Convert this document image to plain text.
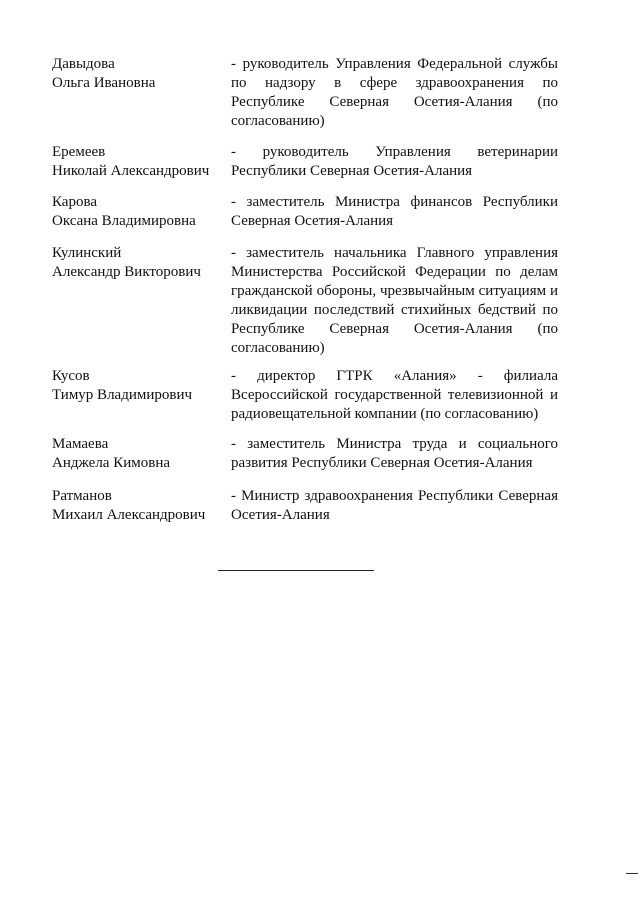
Давыдова
Ольга Ивановна
- руководитель Управления Федеральной службы по надзору в сфере здравоохранения по Республике Северная Осетия-Алания (по согласованию)
Еремеев
Николай Александрович
- руководитель Управления ветеринарии Республики Северная Осетия-Алания
Карова
Оксана Владимировна
- заместитель Министра финансов Республики Северная Осетия-Алания
Кулинский
Александр Викторович
- заместитель начальника Главного управления Министерства Российской Федерации по делам гражданской обороны, чрезвычайным ситуациям и ликвидации последствий стихийных бедствий по Республике Северная Осетия-Алания (по согласованию)
Кусов
Тимур Владимирович
- директор ГТРК «Алания» - филиала Всероссийской государственной телевизионной и радиовещательной компании (по согласованию)
Мамаева
Анджела Кимовна
- заместитель Министра труда и социального развития Республики Северная Осетия-Алания
Ратманов
Михаил Александрович
- Министр здравоохранения Республики Северная Осетия-Алания
